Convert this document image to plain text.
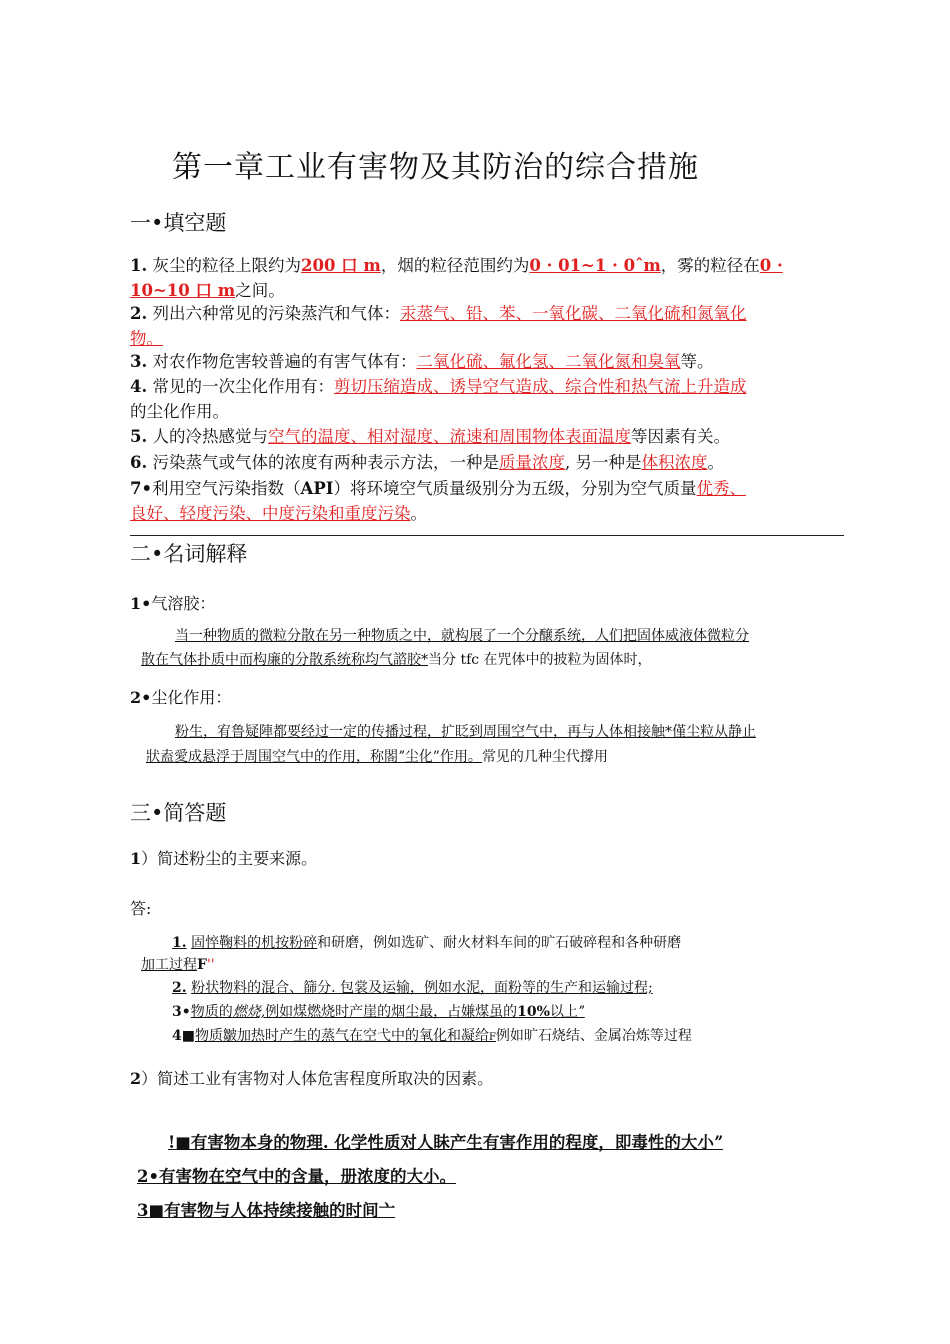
第一章工业有害物及其防治的综合措施
一•填空题
1. 灰尘的粒径上限约为200 口 m，烟的粒径范围约为0 · 01~1 · 0ˆm，雾的粒径在0 ·
10~10 口 m之间。
2. 列出六种常见的污染蒸汽和气体：汞蒸气、铅、苯、一氧化碳、二氧化硫和氮氧化
物。
3. 对农作物危害较普遍的有害气体有：二氧化硫、氟化氢、二氧化氮和臭氧等。
4. 常见的一次尘化作用有：剪切压缩造成、诱导空气造成、综合性和热气流上升造成
的尘化作用。
5. 人的冷热感觉与空气的温度、相对湿度、流速和周围物体表面温度等因素有关。
6. 污染蒸气或气体的浓度有两种表示方法，一种是质量浓度, 另一种是体积浓度。
7•利用空气污染指数（API）将环境空气质量级别分为五级，分别为空气质量优秀、
良好、轻度污染、中度污染和重度污染。
二•名词解释
1•气溶胶：
当一种物质的微粒分散在另一种物质之中，就构展了一个分醸系统，人们把固体威液体微粒分
散在气体扑质中而构廉的分散系统称均气諮胶*当分 tfc 在咒体中的披粒为固体时，
2•尘化作用：
粉生，宥鲁疑陣都要经过一定的传播过程，扩眨到周围空气中，再与人体相接触*僅尘粒从静止
狀盍愛成悬浮于周围空气中的作用，称閤ˮ尘化”作用。常见的几种尘代撐用
三•简答题
1）简述粉尘的主要来源。
答:
1. 固悴鞠料的机按粉碎和研磨，例如选矿、耐火材料车间的旷石破碎程和各种研磨
加工过程F''
2. 粉状物料的混合、篩分. 包裳及运输，例如水泥，面粉等的生产和运输过程;
3•物质的燃烧,例如煤燃烧时产崖的烟尘最，占嫌煤虽的10%以上ˮ
4■物质皺加热时产生的蒸气在空弋中的氧化和凝给F例如旷石烧结、金属冶炼等过程
2）简述工业有害物对人体危害程度所取决的因素。
!■有害物本身的物理. 化学性质对人眛产生有害作用的程度，即毒性的大小ˮ
2•有害物在空气中的含量，册浓度的大小。
3■有害物与人体持续接触的时间亠
